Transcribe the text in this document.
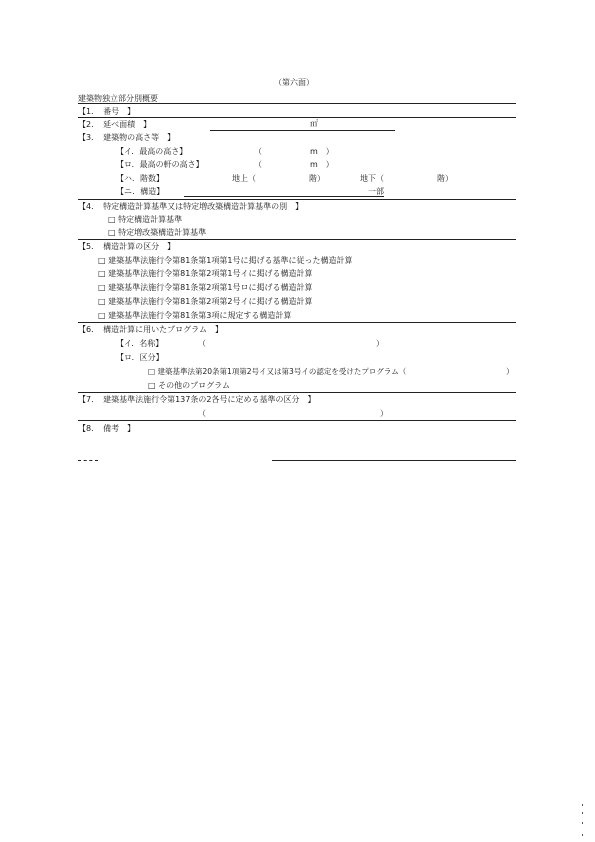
（第六面）
建築物独立部分別概要
【1．　番号　】
【2．　延べ面積　】	㎡
【3．　建築物の高さ等　】
【イ．最高の高さ】	（	m　）
【ロ．最高の軒の高さ】	（	m　）
【ハ．階数】	地上（	階）	地下（	階）
【ニ．構造】	一部
【4．　特定構造計算基準又は特定増改築構造計算基準の別　】
□ 特定構造計算基準
□ 特定増改築構造計算基準
【5．　構造計算の区分　】
□ 建築基準法施行令第81条第1項第1号に掲げる基準に従った構造計算
□ 建築基準法施行令第81条第2項第1号イに掲げる構造計算
□ 建築基準法施行令第81条第2項第1号ロに掲げる構造計算
□ 建築基準法施行令第81条第2項第2号イに掲げる構造計算
□ 建築基準法施行令第81条第3項に規定する構造計算
【6．　構造計算に用いたプログラム　】
【イ．名称】	（	）
【ロ．区分】
□ 建築基準法第20条第1項第2号イ又は第3号イの認定を受けたプログラム（	）
□ その他のプログラム
【7．　建築基準法施行令第137条の2各号に定める基準の区分　】
（	）
【8．　備考　】
